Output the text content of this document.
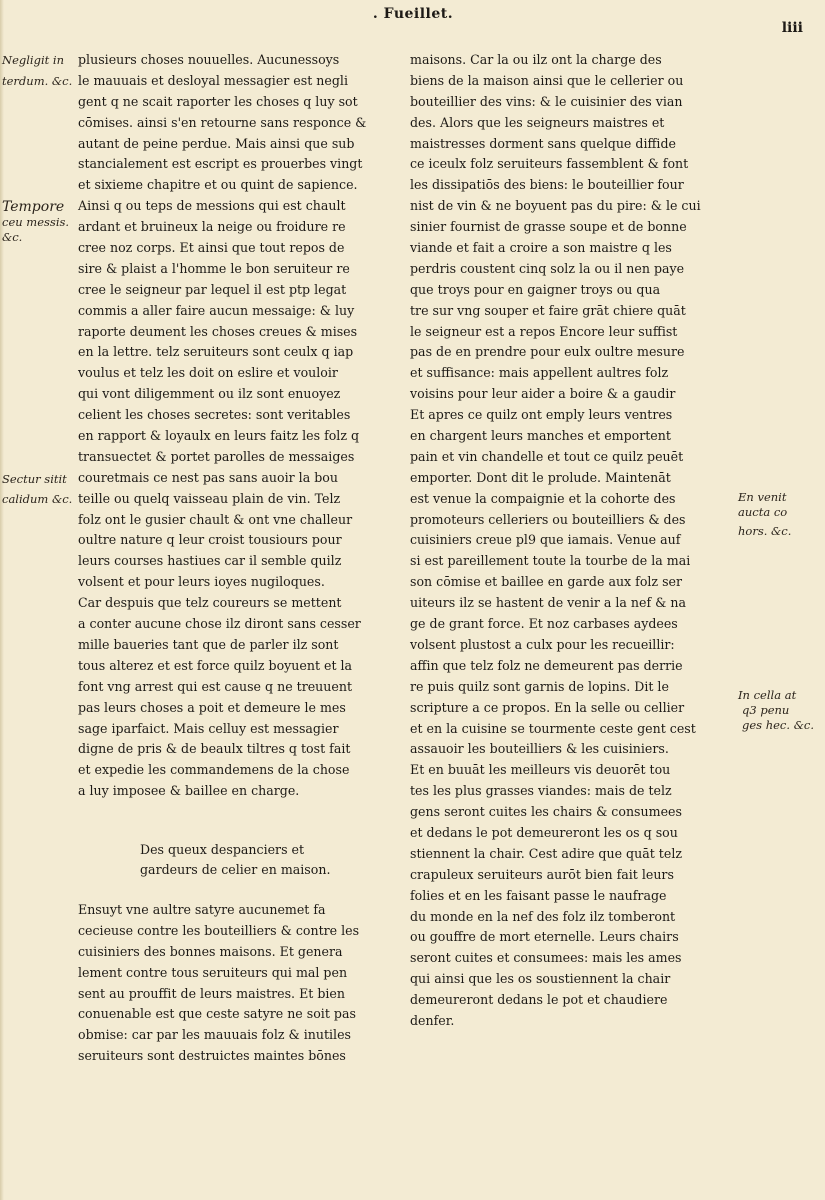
. Fueillet.
liii
Negligit in
terdum. &c.
Tempore
ceu messis.
&c.
Sectur sitit
calidum &c.	En venit
aucta co
hors. &c.
In cella at
q3 penu
ges hec. &c.
plusieurs choses nouuelles. Aucunessoys
le mauuais et desloyal messagier est negli
gent q ne scait raporter les choses q luy sot
cōmises. ainsi s'en retourne sans responce &
autant de peine perdue. Mais ainsi que sub
stancialement est escript es prouerbes vingt
et sixieme chapitre et ou quint de sapience.
Ainsi q ou teps de messions qui est chault
ardant et bruineux la neige ou froidure re
cree noz corps. Et ainsi que tout repos de
sire & plaist a l'homme le bon seruiteur re
cree le seigneur par lequel il est ptp legat
commis a aller faire aucun messaige: & luy
raporte deument les choses creues & mises
en la lettre. telz seruiteurs sont ceulx q iap
voulus et telz les doit on eslire et vouloir
qui vont diligemment ou ilz sont enuoyez
celient les choses secretes: sont veritables
en rapport & loyaulx en leurs faitz les folz q
transuectet & portet parolles de messaiges
couretmais ce nest pas sans auoir la bou
teille ou quelq vaisseau plain de vin. Telz
folz ont le gusier chault & ont vne challeur
oultre nature q leur croist tousiours pour
leurs courses hastiues car il semble quilz
volsent et pour leurs ioyes nugiloques.
Car despuis que telz coureurs se mettent
a conter aucune chose ilz diront sans cesser
mille baueries tant que de parler ilz sont
tous alterez et est force quilz boyuent et la
font vng arrest qui est cause q ne treuuent
pas leurs choses a poit et demeure le mes
sage iparfaict. Mais celluy est messagier
digne de pris & de beaulx tiltres q tost fait
et expedie les commandemens de la chose
a luy imposee & baillee en charge.
Des queux despanciers et
gardeurs de celier en maison.
Ensuyt vne aultre satyre aucunemet fa
cecieuse contre les bouteilliers & contre les
cuisiniers des bonnes maisons. Et genera
lement contre tous seruiteurs qui mal pen
sent au prouffit de leurs maistres. Et bien
conuenable est que ceste satyre ne soit pas
obmise: car par les mauuais folz & inutiles
seruiteurs sont destruictes maintes bōnes
maisons. Car la ou ilz ont la charge des
biens de la maison ainsi que le cellerier ou
bouteillier des vins: & le cuisinier des vian
des. Alors que les seigneurs maistres et
maistresses dorment sans quelque diffide
ce iceulx folz seruiteurs fassemblent & font
les dissipatiōs des biens: le bouteillier four
nist de vin & ne boyuent pas du pire: & le cui
sinier fournist de grasse soupe et de bonne
viande et fait a croire a son maistre q les
perdris coustent cinq solz la ou il nen paye
que troys pour en gaigner troys ou qua
tre sur vng souper et faire grāt chiere quāt
le seigneur est a repos Encore leur suffist
pas de en prendre pour eulx oultre mesure
et suffisance: mais appellent aultres folz
voisins pour leur aider a boire & a gaudir
Et apres ce quilz ont emply leurs ventres
en chargent leurs manches et emportent
pain et vin chandelle et tout ce quilz peuēt
emporter. Dont dit le prolude. Maintenāt
est venue la compaignie et la cohorte des
promoteurs celleriers ou bouteilliers & des
cuisiniers creue pl9 que iamais. Venue auf
si est pareillement toute la tourbe de la mai
son cōmise et baillee en garde aux folz ser
uiteurs ilz se hastent de venir a la nef & na
ge de grant force. Et noz carbases aydees
volsent plustost a culx pour les recueillir:
affin que telz folz ne demeurent pas derrie
re puis quilz sont garnis de lopins. Dit le
scripture a ce propos. En la selle ou cellier
et en la cuisine se tourmente ceste gent cest
assauoir les bouteilliers & les cuisiniers.
Et en buuāt les meilleurs vis deuorēt tou
tes les plus grasses viandes: mais de telz
gens seront cuites les chairs & consumees
et dedans le pot demeureront les os q sou
stiennent la chair. Cest adire que quāt telz
crapuleux seruiteurs aurōt bien fait leurs
folies et en les faisant passe le naufrage
du monde en la nef des folz ilz tomberont
ou gouffre de mort eternelle. Leurs chairs
seront cuites et consumees: mais les ames
qui ainsi que les os soustiennent la chair
demeureront dedans le pot et chaudiere
denfer.
